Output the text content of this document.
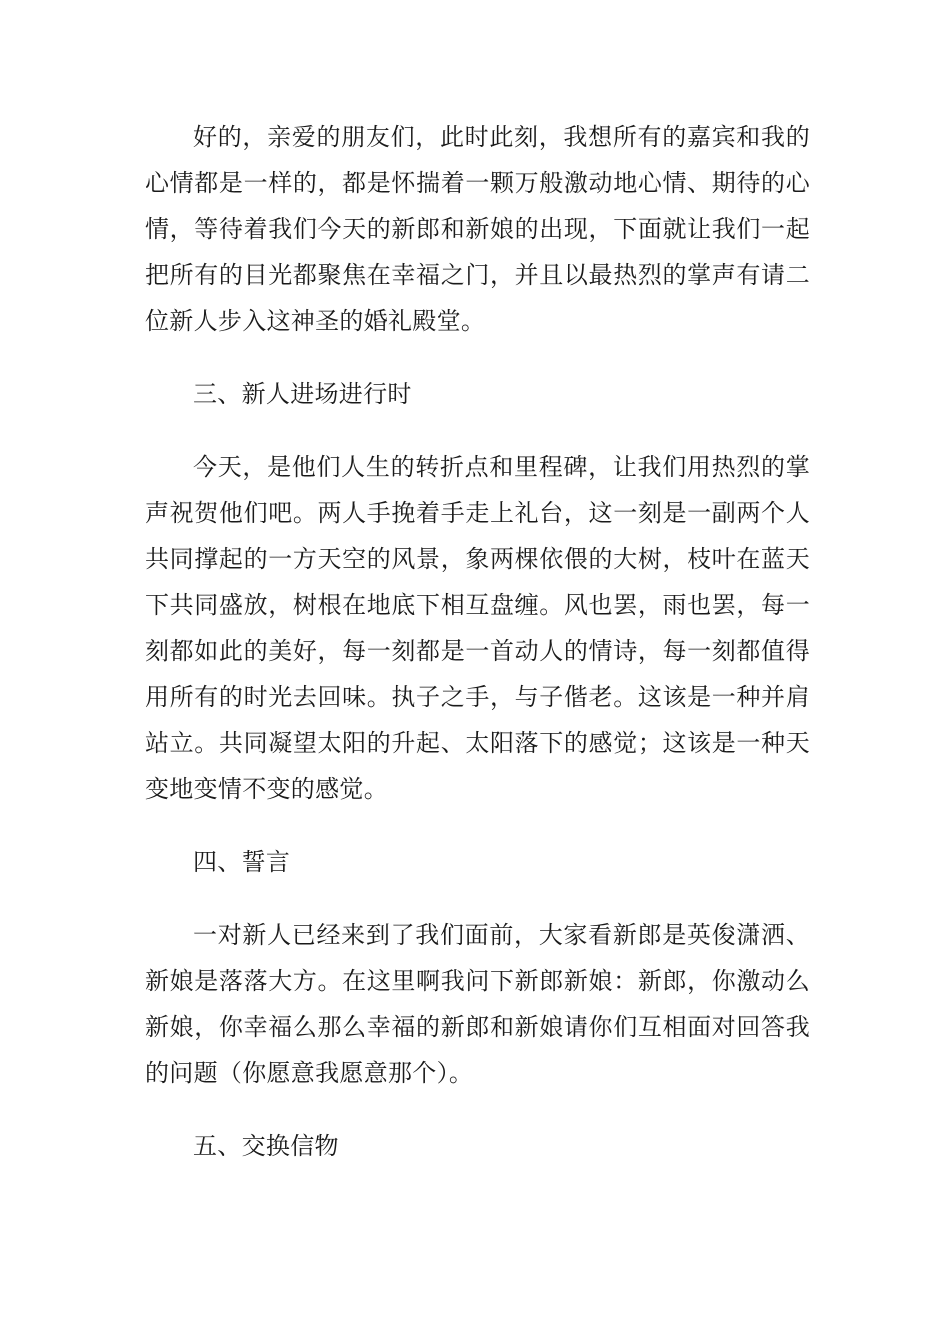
好的，亲爱的朋友们，此时此刻，我想所有的嘉宾和我的心情都是一样的，都是怀揣着一颗万般激动地心情、期待的心情，等待着我们今天的新郎和新娘的出现，下面就让我们一起把所有的目光都聚焦在幸福之门，并且以最热烈的掌声有请二位新人步入这神圣的婚礼殿堂。

三、新人进场进行时

今天，是他们人生的转折点和里程碑，让我们用热烈的掌声祝贺他们吧。两人手挽着手走上礼台，这一刻是一副两个人共同撑起的一方天空的风景，象两棵依偎的大树，枝叶在蓝天下共同盛放，树根在地底下相互盘缠。风也罢，雨也罢，每一刻都如此的美好，每一刻都是一首动人的情诗，每一刻都值得用所有的时光去回味。执子之手，与子偕老。这该是一种并肩站立。共同凝望太阳的升起、太阳落下的感觉；这该是一种天变地变情不变的感觉。

四、誓言

一对新人已经来到了我们面前，大家看新郎是英俊潇洒、新娘是落落大方。在这里啊我问下新郎新娘：新郎，你激动么新娘，你幸福么那么幸福的新郎和新娘请你们互相面对回答我的问题（你愿意我愿意那个）。

五、交换信物
